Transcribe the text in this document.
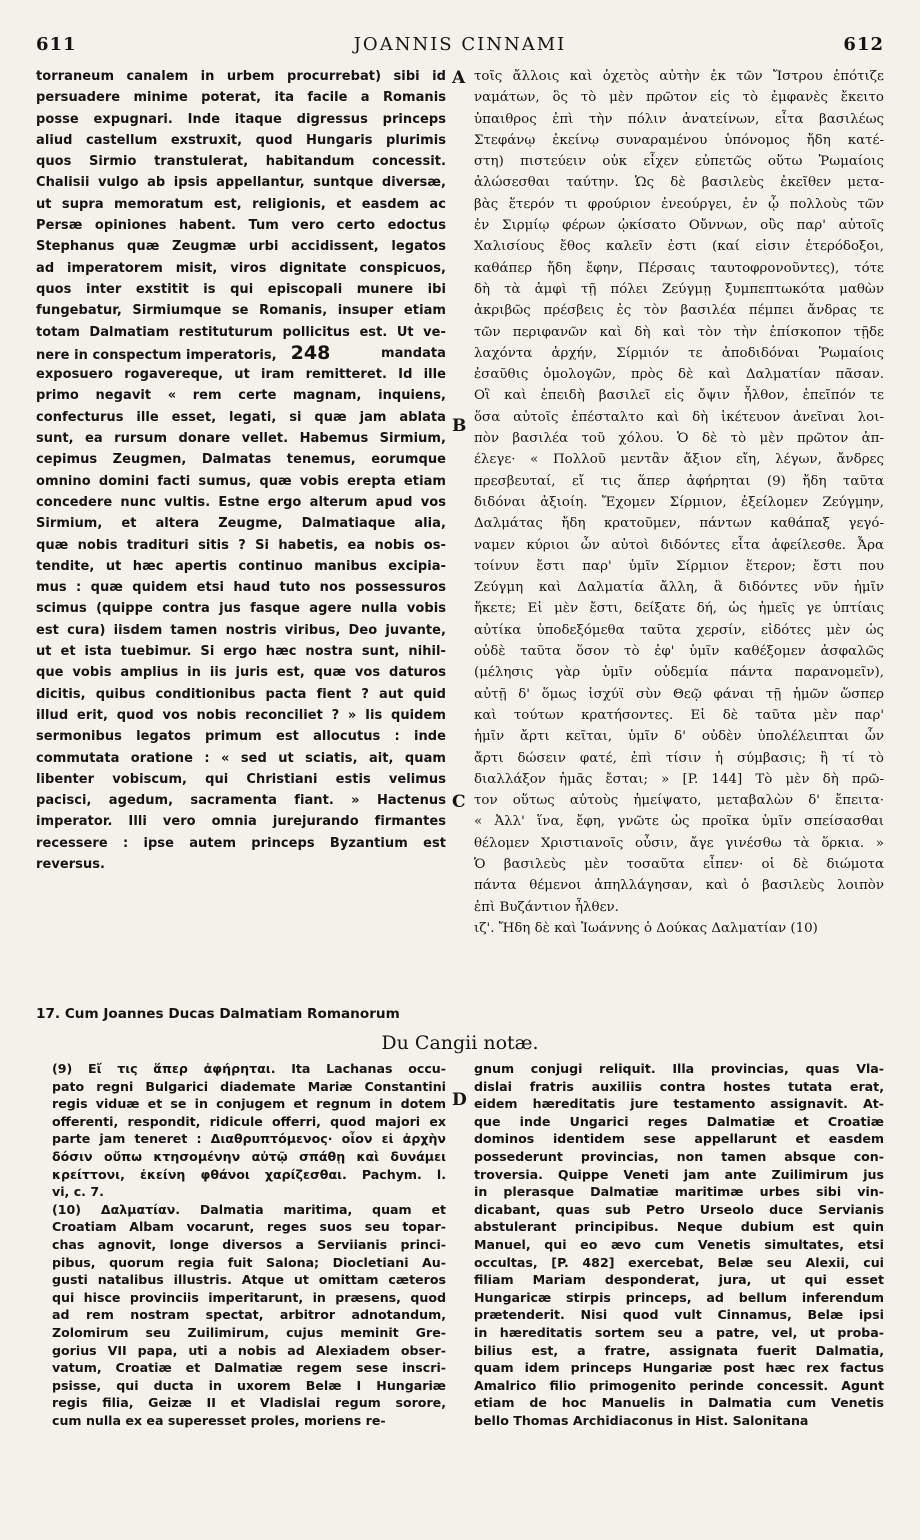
611	JOANNIS CINNAMI	612
torraneum canalem in urbem procurrebat) sibi id
persuadere minime poterat, ita facile a Romanis
posse expugnari. Inde itaque digressus princeps
aliud castellum exstruxit, quod Hungaris plurimis
quos Sirmio transtulerat, habitandum concessit.
Chalisii vulgo ab ipsis appellantur, suntque diversæ,
ut supra memoratum est, religionis, et easdem ac
Persæ opiniones habent. Tum vero certo edoctus
Stephanus quæ Zeugmæ urbi accidissent, legatos
ad imperatorem misit, viros dignitate conspicuos,
quos inter exstitit is qui episcopali munere ibi
fungebatur, Sirmiumque se Romanis, insuper etiam
totam Dalmatiam restituturum pollicitus est. Ut ve-
nere in conspectum imperatoris, 248	mandata
exposuero rogavereque, ut iram remitteret. Id ille
primo negavit « rem certe magnam, inquiens,
confecturus ille esset, legati, si quæ jam ablata
sunt, ea rursum donare vellet. Habemus Sirmium,
cepimus Zeugmen, Dalmatas tenemus, eorumque
omnino domini facti sumus, quæ vobis erepta etiam
concedere nunc vultis. Estne ergo alterum apud vos
Sirmium, et altera Zeugme, Dalmatiaque alia,
quæ nobis tradituri sitis ? Si habetis, ea nobis os-
tendite, ut hæc apertis continuo manibus excipia-
mus : quæ quidem etsi haud tuto nos possessuros
scimus (quippe contra jus fasque agere nulla vobis
est cura) iisdem tamen nostris viribus, Deo juvante,
ut et ista tuebimur. Si ergo hæc nostra sunt, nihil-
que vobis amplius in iis juris est, quæ vos daturos
dicitis, quibus conditionibus pacta fient ? aut quid
illud erit, quod vos nobis reconciliet ? » Iis quidem
sermonibus legatos primum est allocutus : inde
commutata oratione : « sed ut sciatis, ait, quam
libenter vobiscum, qui Christiani estis velimus
pacisci, agedum, sacramenta fiant. » Hactenus
imperator. Illi vero omnia jurejurando firmantes
recessere : ipse autem princeps Byzantium est
reversus.
τοῖς ἄλλοις καὶ ὀχετὸς αὐτὴν ἐκ τῶν Ἴστρου ἐπότιζε
ναμάτων, ὃς τὸ μὲν πρῶτον εἰς τὸ ἐμφανὲς ἔκειτο
ὑπαιθρος ἐπὶ τὴν πόλιν ἀνατείνων, εἶτα βασιλέως
Στεφάνῳ ἐκείνῳ συναραμένου ὑπόνομος ἤδη κατέ-
στη) πιστεύειν οὐκ εἶχεν εὐπετῶς οὕτω Ῥωμαίοις
ἁλώσεσθαι ταύτην. Ὡς δὲ βασιλεὺς ἐκεῖθεν μετα-
βὰς ἕτερόν τι φρούριον ἐνεούργει, ἐν ᾧ πολλοὺς τῶν
ἐν Σιρμίῳ φέρων ᾠκίσατο Οὔννων, οὓς παρ' αὐτοῖς
Χαλισίους ἔθος καλεῖν ἐστι (καί εἰσιν ἑτερόδοξοι,
καθάπερ ἤδη ἔφην, Πέρσαις ταυτοφρονοῦντες), τότε
δὴ τὰ ἀμφὶ τῇ πόλει Ζεύγμῃ ξυμπεπτωκότα μαθὼν
ἀκριβῶς πρέσβεις ἐς τὸν βασιλέα πέμπει ἄνδρας τε
τῶν περιφανῶν καὶ δὴ καὶ τὸν τὴν ἐπίσκοπον τῇδε
λαχόντα ἀρχήν, Σίρμιόν τε ἀποδιδόναι Ῥωμαίοις
ἐσαῦθις ὁμολογῶν, πρὸς δὲ καὶ Δαλματίαν πᾶσαν.
Οἳ καὶ ἐπειδὴ βασιλεῖ εἰς ὄψιν ἦλθον, ἐπεῖπόν τε
ὅσα αὐτοῖς ἐπέσταλτο καὶ δὴ ἱκέτευον ἀνεῖναι λοι-
πὸν βασιλέα τοῦ χόλου. Ὁ δὲ τὸ μὲν πρῶτον ἀπ-
έλεγε· « Πολλοῦ μεντἂν ἄξιον εἴη, λέγων, ἄνδρες
πρεσβευταί, εἴ τις ἅπερ ἀφήρηται (9) ἤδη ταῦτα
διδόναι ἀξιοίη. Ἔχομεν Σίρμιον, ἐξείλομεν Ζεύγμην,
Δαλμάτας ἤδη κρατοῦμεν, πάντων καθάπαξ γεγό-
ναμεν κύριοι ὧν αὐτοὶ διδόντες εἶτα ἀφείλεσθε. Ἆρα
τοίνυν ἔστι παρ' ὑμῖν Σίρμιον ἕτερον; ἔστι που
Ζεύγμη καὶ Δαλματία ἄλλη, ἃ διδόντες νῦν ἡμῖν
ἥκετε; Εἰ μὲν ἔστι, δείξατε δή, ὡς ἡμεῖς γε ὑπτίαις
αὐτίκα ὑποδεξόμεθα ταῦτα χερσίν, εἰδότες μὲν ὡς
οὐδὲ ταῦτα ὅσον τὸ ἐφ' ὑμῖν καθέξομεν ἀσφαλῶς
(μέλησις γὰρ ὑμῖν οὐδεμία πάντα παρανομεῖν),
αὐτῇ δ' ὅμως ἰσχύϊ σὺν Θεῷ φάναι τῇ ἡμῶν ὥσπερ
καὶ τούτων κρατήσοντες. Εἰ δὲ ταῦτα μὲν παρ'
ἡμῖν ἄρτι κεῖται, ὑμῖν δ' οὐδὲν ὑπολέλειπται ὧν
ἄρτι δώσειν φατέ, ἐπὶ τίσιν ἡ σύμβασις; ἢ τί τὸ
διαλλάξον ἡμᾶς ἔσται; » [P. 144] Τὸ μὲν δὴ πρῶ-
τον οὕτως αὐτοὺς ἠμείψατο, μεταβαλὼν δ' ἔπειτα·
« Ἀλλ' ἵνα, ἔφη, γνῶτε ὡς προῖκα ὑμῖν σπείσασθαι
θέλομεν Χριστιανοῖς οὖσιν, ἄγε γινέσθω τὰ ὅρκια. »
Ὁ βασιλεὺς μὲν τοσαῦτα εἶπεν· οἱ δὲ διώμοτα
πάντα θέμενοι ἀπηλλάγησαν, καὶ ὁ βασιλεὺς λοιπὸν
ἐπὶ Βυζάντιον ἦλθεν.
ιζ'. Ἤδη δὲ καὶ Ἰωάννης ὁ Δούκας Δαλματίαν (10)
A
B
C
D
17. Cum Joannes Ducas Dalmatiam Romanorum
Du Cangii notæ.
(9) Εἴ τις ἅπερ ἀφήρηται. Ita Lachanas occu-
pato regni Bulgarici diademate Mariæ Constantini
regis viduæ et se in conjugem et regnum in dotem
offerenti, respondit, ridicule offerri, quod majori ex
parte jam teneret : Διαθρυπτόμενος· οἷον εἰ ἀρχὴν
δόσιν οὔπω κτησομένην αὐτῷ σπάθῃ καὶ δυνάμει
κρείττονι, ἐκείνη φθάνοι χαρίζεσθαι. Pachym. l.
vi, c. 7.
(10) Δαλματίαν. Dalmatia maritima, quam et
Croatiam Albam vocarunt, reges suos seu topar-
chas agnovit, longe diversos a Serviianis princi-
pibus, quorum regia fuit Salona; Diocletiani Au-
gusti natalibus illustris. Atque ut omittam cæteros
qui hisce provinciis imperitarunt, in præsens, quod
ad rem nostram spectat, arbitror adnotandum,
Zolomirum seu Zuilimirum, cujus meminit Gre-
gorius VII papa, uti a nobis ad Alexiadem obser-
vatum, Croatiæ et Dalmatiæ regem sese inscri-
psisse, qui ducta in uxorem Belæ I Hungariæ
regis filia, Geizæ II et Vladislai regum sorore,
cum nulla ex ea superesset proles, moriens re-
gnum conjugi reliquit. Illa provincias, quas Vla-
dislai fratris auxiliis contra hostes tutata erat,
eidem hæreditatis jure testamento assignavit. At-
que inde Ungarici reges Dalmatiæ et Croatiæ
dominos identidem sese appellarunt et easdem
possederunt provincias, non tamen absque con-
troversia. Quippe Veneti jam ante Zuilimirum jus
in plerasque Dalmatiæ maritimæ urbes sibi vin-
dicabant, quas sub Petro Urseolo duce Servianis
abstulerant principibus. Neque dubium est quin
Manuel, qui eo ævo cum Venetis simultates, etsi
occultas, [P. 482] exercebat, Belæ seu Alexii, cui
filiam Mariam desponderat, jura, ut qui esset
Hungaricæ stirpis princeps, ad bellum inferendum
prætenderit. Nisi quod vult Cinnamus, Belæ ipsi
in hæreditatis sortem seu a patre, vel, ut proba-
bilius est, a fratre, assignata fuerit Dalmatia,
quam idem princeps Hungariæ post hæc rex factus
Amalrico filio primogenito perinde concessit. Agunt
etiam de hoc Manuelis in Dalmatia cum Venetis
bello Thomas Archidiaconus in Hist. Salonitana
